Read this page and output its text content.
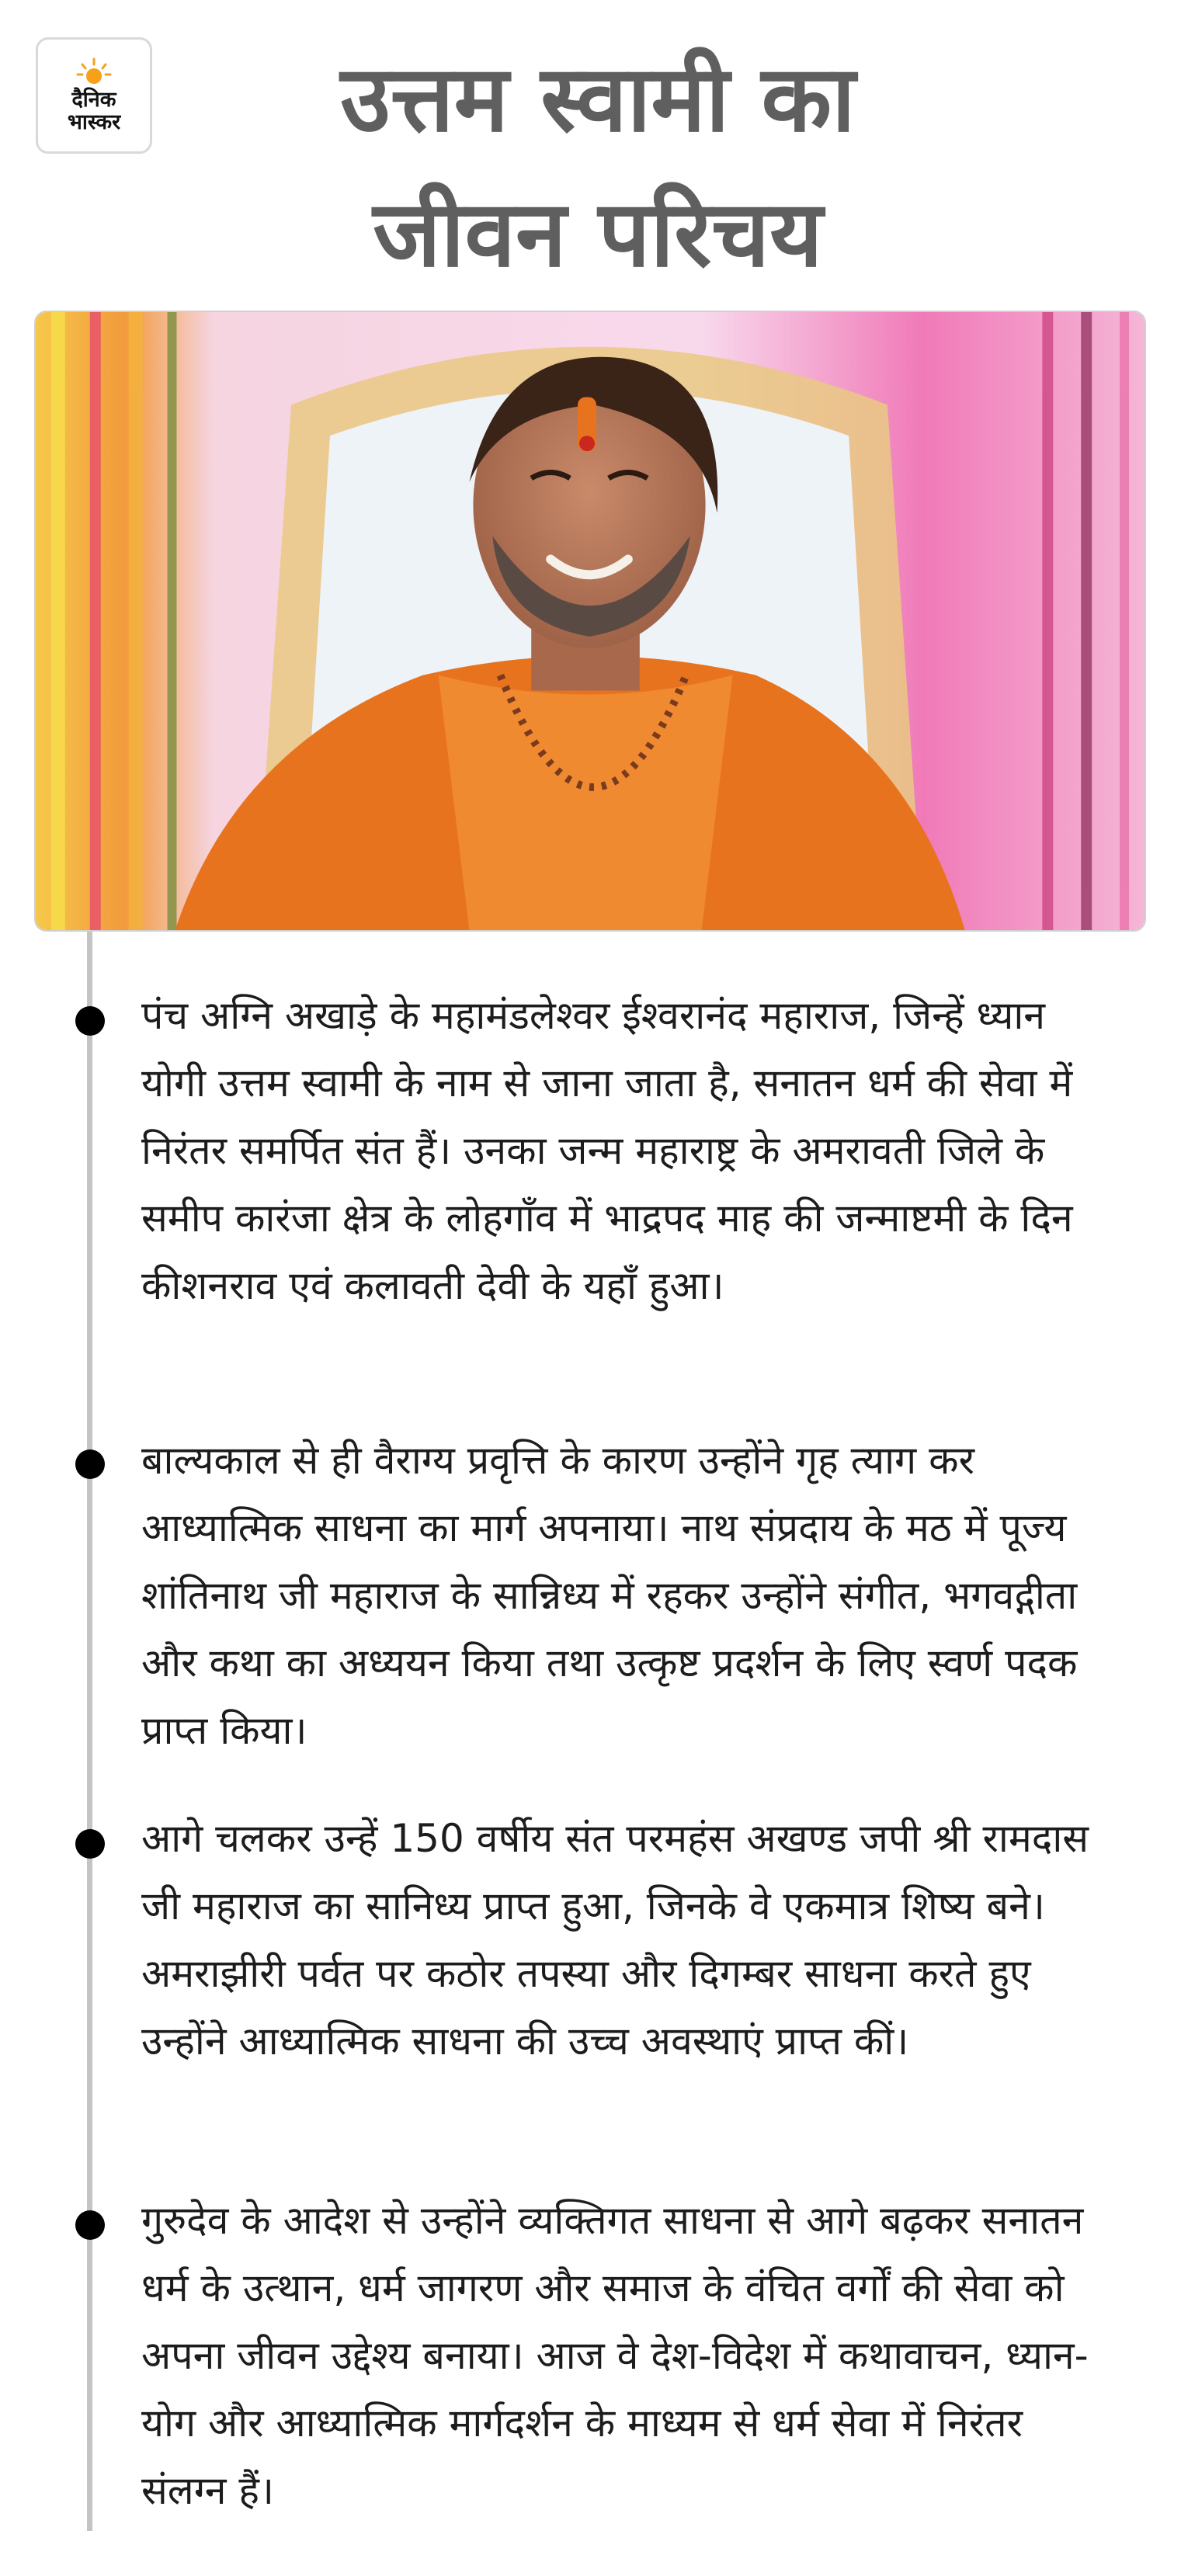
दैनिक
भास्कर	उत्तम स्वामी का
जीवन परिचय
पंच अग्नि अखाड़े के महामंडलेश्वर ईश्वरानंद महाराज, जिन्हें ध्यान योगी उत्तम स्वामी के नाम से जाना जाता है, सनातन धर्म की सेवा में निरंतर समर्पित संत हैं। उनका जन्म महाराष्ट्र के अमरावती जिले के समीप कारंजा क्षेत्र के लोहगाँव में भाद्रपद माह की जन्माष्टमी के दिन कीशनराव एवं कलावती देवी के यहाँ हुआ।
बाल्यकाल से ही वैराग्य प्रवृत्ति के कारण उन्होंने गृह त्याग कर आध्यात्मिक साधना का मार्ग अपनाया। नाथ संप्रदाय के मठ में पूज्य शांतिनाथ जी महाराज के सान्निध्य में रहकर उन्होंने संगीत, भगवद्गीता और कथा का अध्ययन किया तथा उत्कृष्ट प्रदर्शन के लिए स्वर्ण पदक प्राप्त किया।
आगे चलकर उन्हें 150 वर्षीय संत परमहंस अखण्ड जपी श्री रामदास जी महाराज का सानिध्य प्राप्त हुआ, जिनके वे एकमात्र शिष्य बने। अमराझीरी पर्वत पर कठोर तपस्या और दिगम्बर साधना करते हुए उन्होंने आध्यात्मिक साधना की उच्च अवस्थाएं प्राप्त कीं।
गुरुदेव के आदेश से उन्होंने व्यक्तिगत साधना से आगे बढ़कर सनातन धर्म के उत्थान, धर्म जागरण और समाज के वंचित वर्गों की सेवा को अपना जीवन उद्देश्य बनाया। आज वे देश-विदेश में कथावाचन, ध्यान-योग और आध्यात्मिक मार्गदर्शन के माध्यम से धर्म सेवा में निरंतर संलग्न हैं।
